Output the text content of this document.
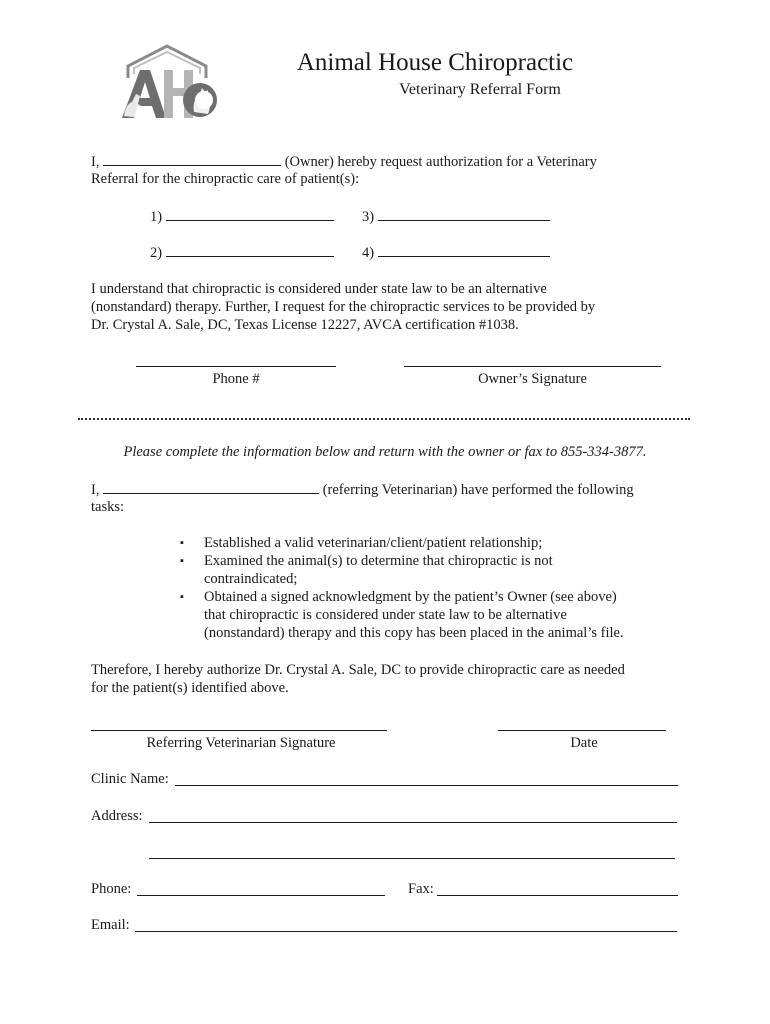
Animal House Chiropractic
Veterinary Referral Form
I,	(Owner) hereby request authorization for a Veterinary
Referral for the chiropractic care of patient(s):
1)	3)
2)	4)
I understand that chiropractic is considered under state law to be an alternative
(nonstandard) therapy. Further, I request for the chiropractic services to be provided by
Dr. Crystal A. Sale, DC, Texas License 12227, AVCA certification #1038.
Phone #	Owner’s Signature
Please complete the information below and return with the owner or fax to 855-334-3877.
I,	(referring Veterinarian) have performed the following
tasks:
▪ Established a valid veterinarian/client/patient relationship;
▪ Examined the animal(s) to determine that chiropractic is not
contraindicated;
▪ Obtained a signed acknowledgment by the patient’s Owner (see above)
that chiropractic is considered under state law to be alternative
(nonstandard) therapy and this copy has been placed in the animal’s file.
Therefore, I hereby authorize Dr. Crystal A. Sale, DC to provide chiropractic care as needed
for the patient(s) identified above.
Referring Veterinarian Signature	Date
Clinic Name:
Address:
Phone:	Fax:
Email:
